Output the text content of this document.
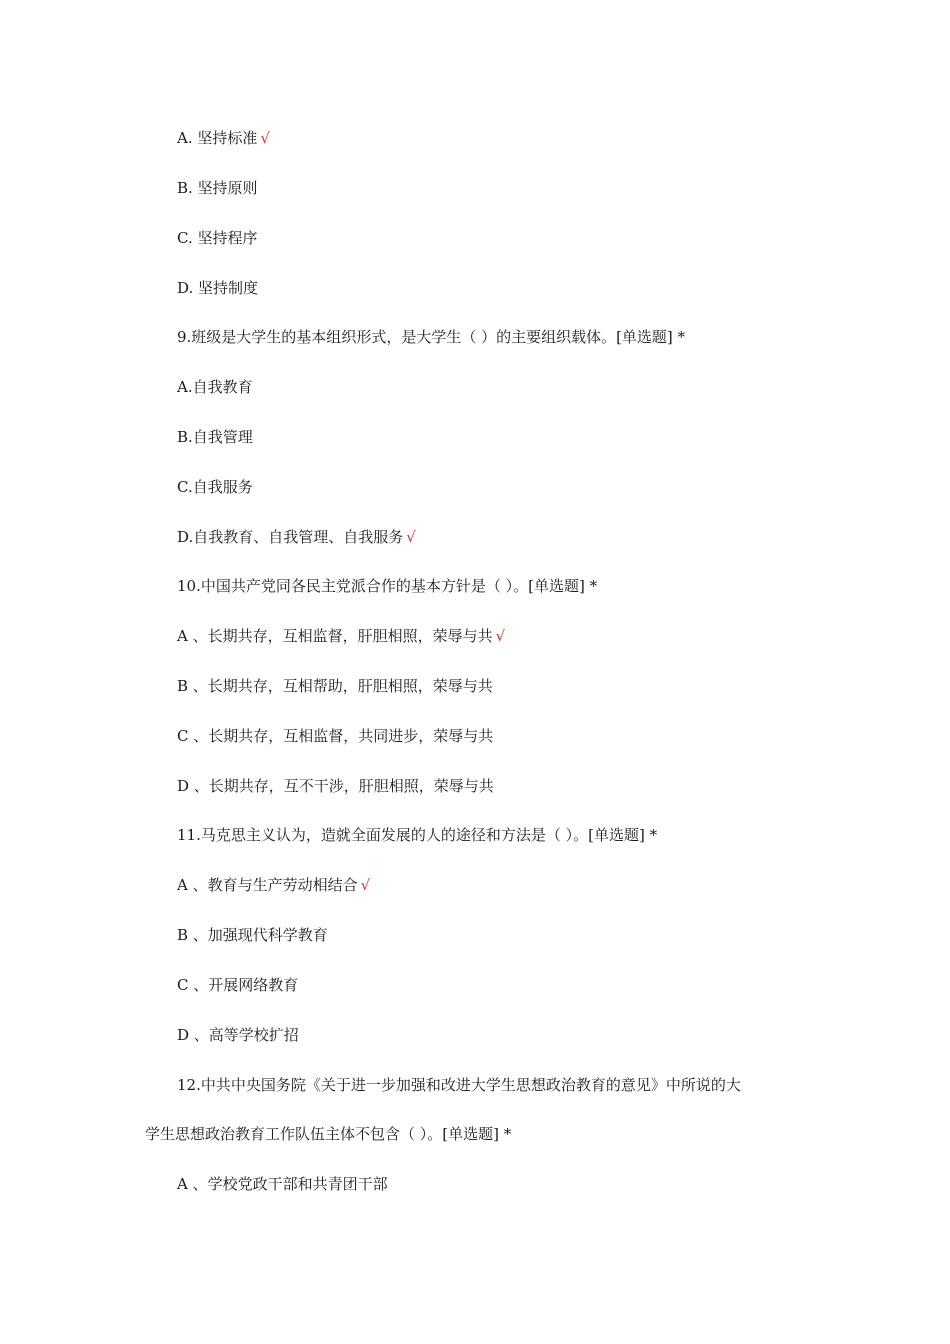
A. 坚持标准 √
B. 坚持原则
C. 坚持程序
D. 坚持制度
9.班级是大学生的基本组织形式，是大学生（ ）的主要组织载体。[单选题] *
A.自我教育
B.自我管理
C.自我服务
D.自我教育、自我管理、自我服务 √
10.中国共产党同各民主党派合作的基本方针是（ ）。[单选题] *
A 、长期共存，互相监督，肝胆相照，荣辱与共 √
B 、长期共存，互相帮助，肝胆相照，荣辱与共
C 、长期共存，互相监督，共同进步，荣辱与共
D 、长期共存，互不干涉，肝胆相照，荣辱与共
11.马克思主义认为，造就全面发展的人的途径和方法是（ ）。[单选题] *
A 、教育与生产劳动相结合 √
B 、加强现代科学教育
C 、开展网络教育
D 、高等学校扩招
12.中共中央国务院《关于进一步加强和改进大学生思想政治教育的意见》中所说的大
学生思想政治教育工作队伍主体不包含（ ）。[单选题] *
A 、学校党政干部和共青团干部
